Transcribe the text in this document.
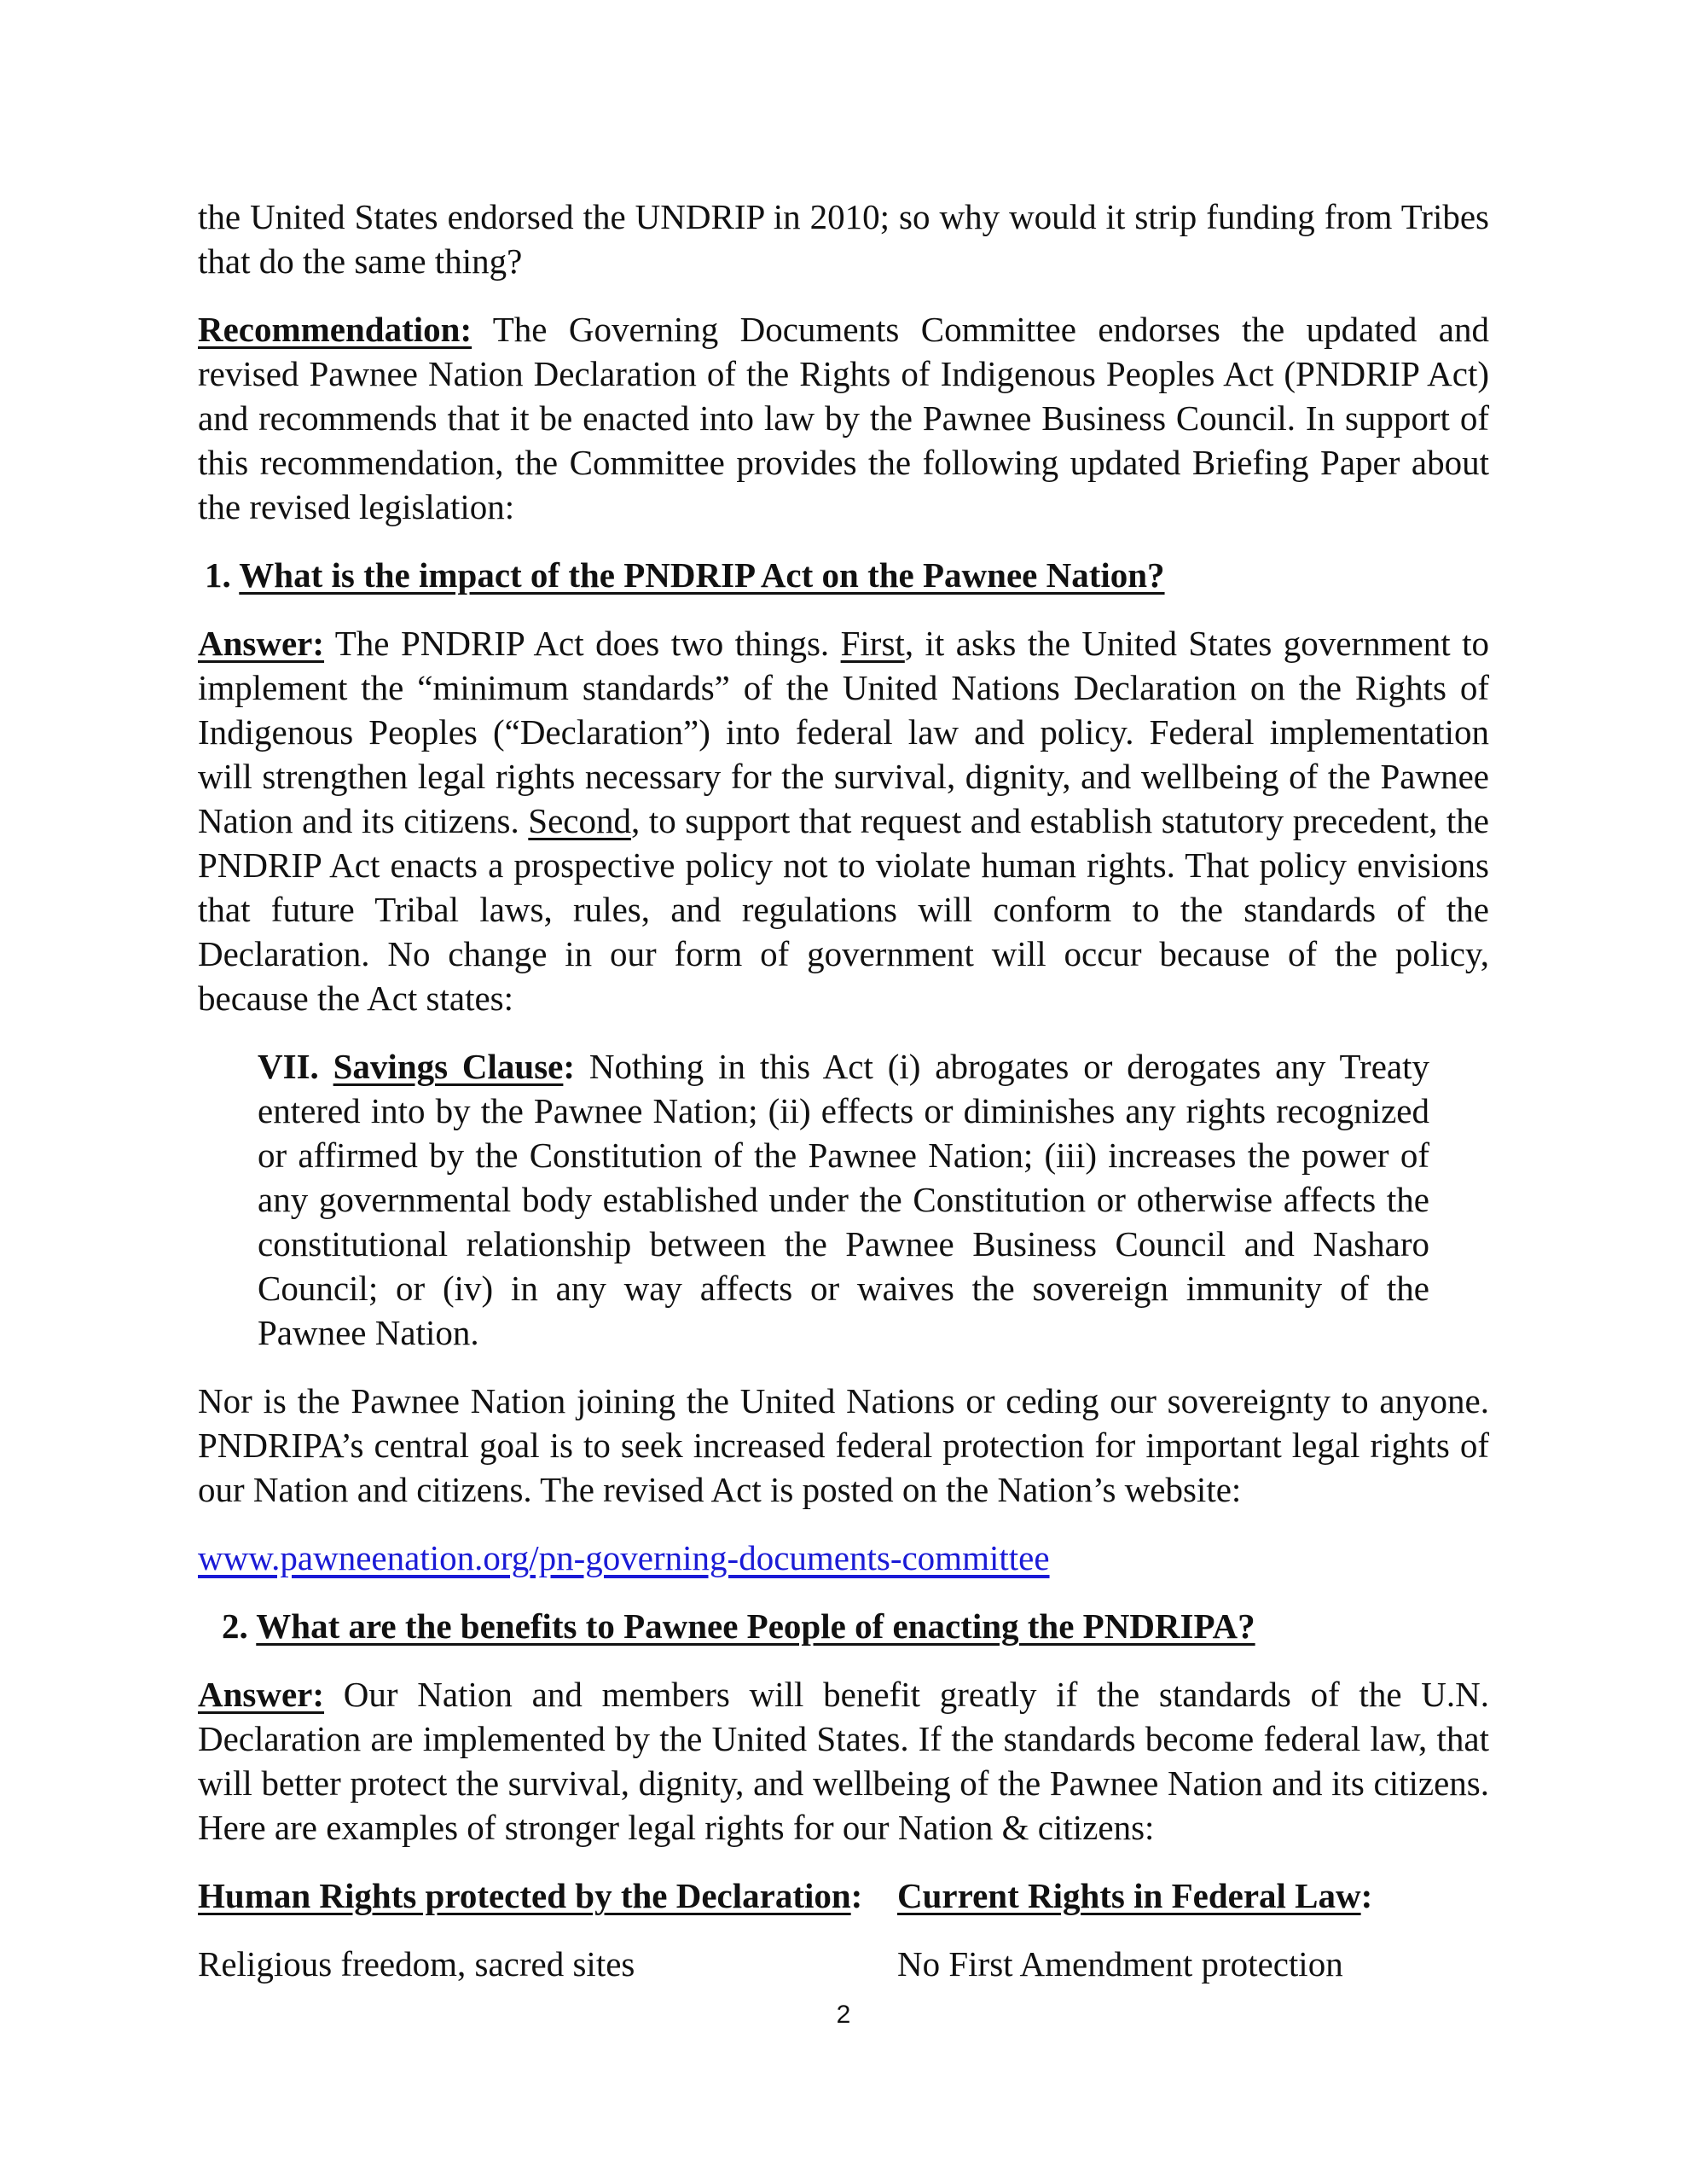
the United States endorsed the UNDRIP in 2010; so why would it strip funding from Tribes that do the same thing?

Recommendation: The Governing Documents Committee endorses the updated and revised Pawnee Nation Declaration of the Rights of Indigenous Peoples Act (PNDRIP Act) and recommends that it be enacted into law by the Pawnee Business Council. In support of this recommendation, the Committee provides the following updated Briefing Paper about the revised legislation:

1. What is the impact of the PNDRIP Act on the Pawnee Nation?

Answer: The PNDRIP Act does two things. First, it asks the United States government to implement the “minimum standards” of the United Nations Declaration on the Rights of Indigenous Peoples (“Declaration”) into federal law and policy. Federal implementation will strengthen legal rights necessary for the survival, dignity, and wellbeing of the Pawnee Nation and its citizens. Second, to support that request and establish statutory precedent, the PNDRIP Act enacts a prospective policy not to violate human rights. That policy envisions that future Tribal laws, rules, and regulations will conform to the standards of the Declaration. No change in our form of government will occur because of the policy, because the Act states:

VII. Savings Clause: Nothing in this Act (i) abrogates or derogates any Treaty entered into by the Pawnee Nation; (ii) effects or diminishes any rights recognized or affirmed by the Constitution of the Pawnee Nation; (iii) increases the power of any governmental body established under the Constitution or otherwise affects the constitutional relationship between the Pawnee Business Council and Nasharo Council; or (iv) in any way affects or waives the sovereign immunity of the Pawnee Nation.

Nor is the Pawnee Nation joining the United Nations or ceding our sovereignty to anyone. PNDRIPA’s central goal is to seek increased federal protection for important legal rights of our Nation and citizens. The revised Act is posted on the Nation’s website:

www.pawneenation.org/pn-governing-documents-committee

2. What are the benefits to Pawnee People of enacting the PNDRIPA?

Answer: Our Nation and members will benefit greatly if the standards of the U.N. Declaration are implemented by the United States. If the standards become federal law, that will better protect the survival, dignity, and wellbeing of the Pawnee Nation and its citizens. Here are examples of stronger legal rights for our Nation & citizens:

Human Rights protected by the Declaration: Current Rights in Federal Law:
Religious freedom, sacred sites	No First Amendment protection
2
